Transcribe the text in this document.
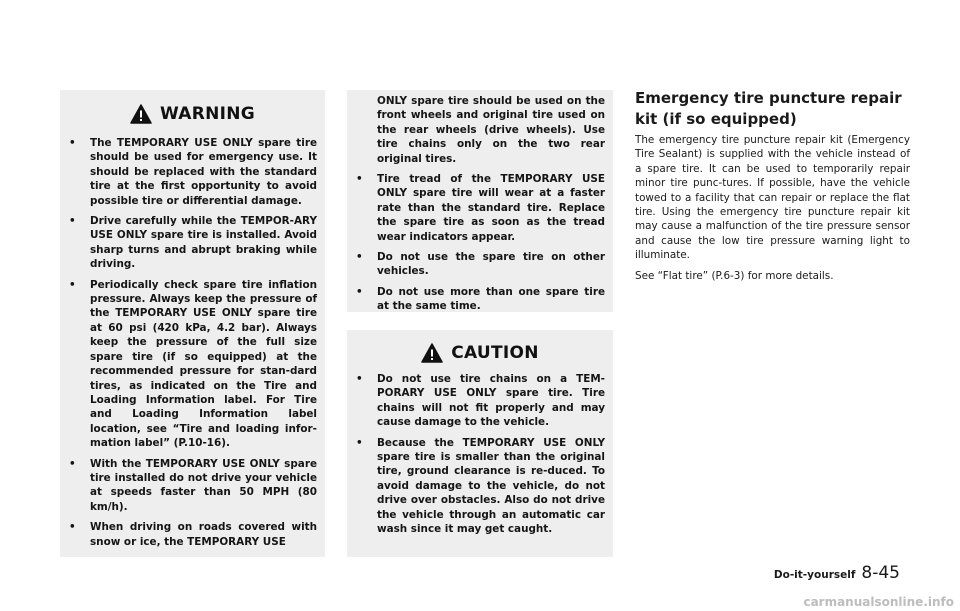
WARNING
• The TEMPORARY USE ONLY spare tire should be used for emergency use. It should be replaced with the standard tire at the first opportunity to avoid possible tire or differential damage.
• Drive carefully while the TEMPOR-ARY USE ONLY spare tire is installed. Avoid sharp turns and abrupt braking while driving.
• Periodically check spare tire inflation pressure. Always keep the pressure of the TEMPORARY USE ONLY spare tire at 60 psi (420 kPa, 4.2 bar). Always keep the pressure of the full size spare tire (if so equipped) at the recommended pressure for stan-dard tires, as indicated on the Tire and Loading Information label. For Tire and Loading Information label location, see “Tire and loading infor-mation label” (P.10-16).
• With the TEMPORARY USE ONLY spare tire installed do not drive your vehicle at speeds faster than 50 MPH (80 km/h).
• When driving on roads covered with snow or ice, the TEMPORARY USE
ONLY spare tire should be used on the front wheels and original tire used on the rear wheels (drive wheels). Use tire chains only on the two rear original tires.
• Tire tread of the TEMPORARY USE ONLY spare tire will wear at a faster rate than the standard tire. Replace the spare tire as soon as the tread wear indicators appear.
• Do not use the spare tire on other vehicles.
• Do not use more than one spare tire at the same time.
CAUTION
• Do not use tire chains on a TEM-PORARY USE ONLY spare tire. Tire chains will not fit properly and may cause damage to the vehicle.
• Because the TEMPORARY USE ONLY spare tire is smaller than the original tire, ground clearance is re-duced. To avoid damage to the vehicle, do not drive over obstacles. Also do not drive the vehicle through an automatic car wash since it may get caught.
Emergency tire puncture repair kit (if so equipped)

The emergency tire puncture repair kit (Emergency Tire Sealant) is supplied with the vehicle instead of a spare tire. It can be used to temporarily repair minor tire punc-tures. If possible, have the vehicle towed to a facility that can repair or replace the flat tire. Using the emergency tire puncture repair kit may cause a malfunction of the tire pressure sensor and cause the low tire pressure warning light to illuminate.

See “Flat tire” (P.6-3) for more details.

Do-it-yourself 8-45
carmanualsonline.info
